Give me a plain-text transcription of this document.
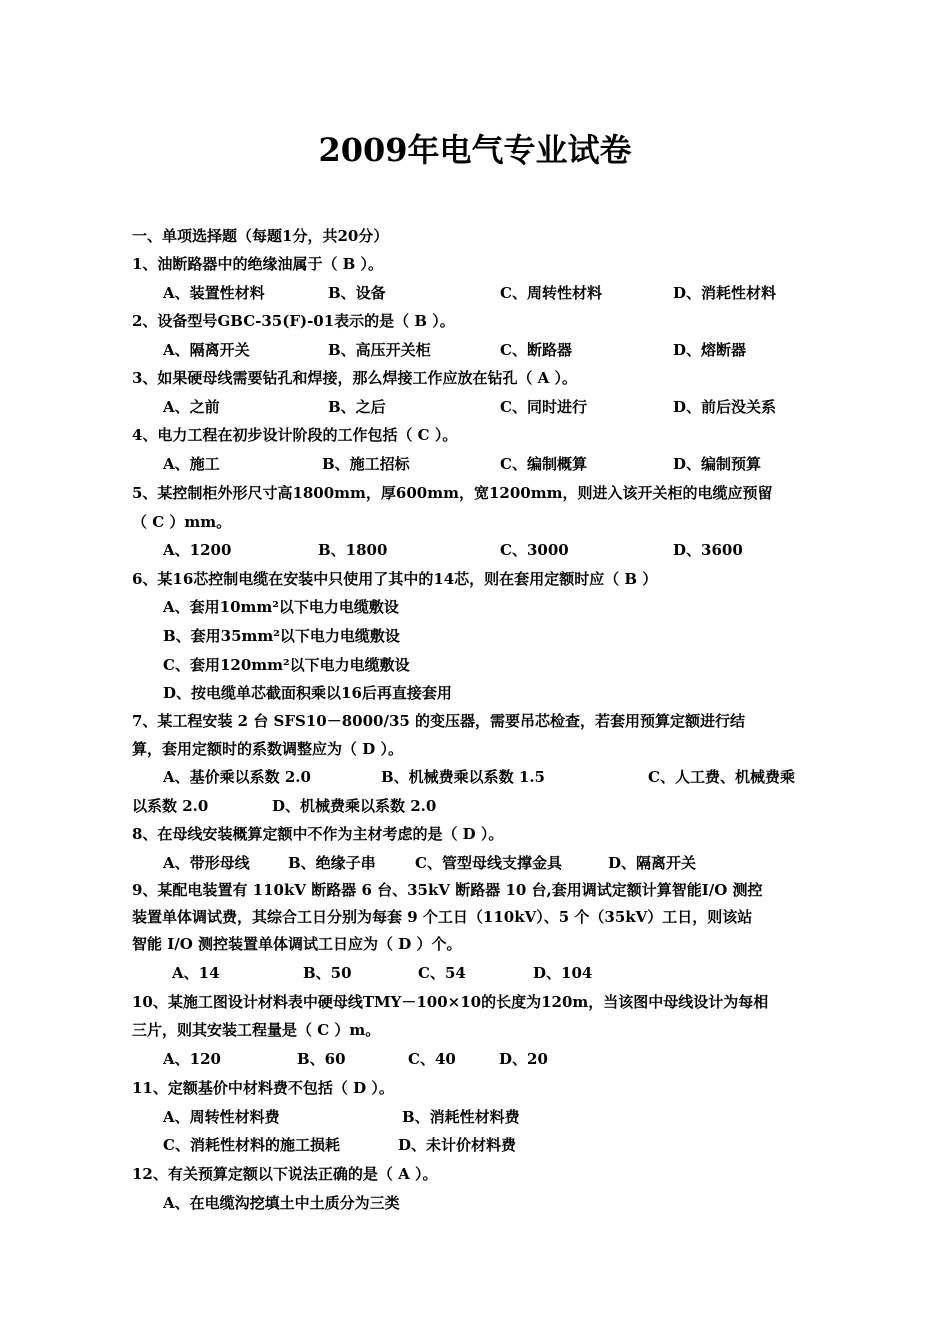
2009年电气专业试卷
一、单项选择题（每题1分，共20分）
1、油断路器中的绝缘油属于（ B ）。
A、装置性材料	B、设备	C、周转性材料	D、消耗性材料
2、设备型号GBC-35(F)-01表示的是（ B ）。
A、隔离开关	B、高压开关柜	C、断路器	D、熔断器
3、如果硬母线需要钻孔和焊接，那么焊接工作应放在钻孔（ A ）。
A、之前	B、之后	C、同时进行	D、前后没关系
4、电力工程在初步设计阶段的工作包括（ C ）。
A、施工	B、施工招标	C、编制概算	D、编制预算
5、某控制柜外形尺寸高1800mm，厚600mm，宽1200mm，则进入该开关柜的电缆应预留
（ C ）mm。
A、1200	B、1800	C、3000	D、3600
6、某16芯控制电缆在安装中只使用了其中的14芯，则在套用定额时应（ B ）
A、套用10mm²以下电力电缆敷设
B、套用35mm²以下电力电缆敷设
C、套用120mm²以下电力电缆敷设
D、按电缆单芯截面积乘以16后再直接套用
7、某工程安装 2 台 SFS10－8000/35 的变压器，需要吊芯检查，若套用预算定额进行结
算，套用定额时的系数调整应为（ D ）。
A、基价乘以系数 2.0	B、机械费乘以系数 1.5	C、人工费、机械费乘
以系数 2.0	D、机械费乘以系数 2.0
8、在母线安装概算定额中不作为主材考虑的是（ D ）。
A、带形母线	B、绝缘子串	C、管型母线支撑金具	D、隔离开关
9、某配电装置有 110kV 断路器 6 台、35kV 断路器 10 台,套用调试定额计算智能I/O 测控
装置单体调试费，其综合工日分别为每套 9 个工日（110kV）、5 个（35kV）工日，则该站
智能 I/O 测控装置单体调试工日应为（ D ）个。
A、14	B、50	C、54	D、104
10、某施工图设计材料表中硬母线TMY－100×10的长度为120m，当该图中母线设计为每相
三片，则其安装工程量是（ C ）m。
A、120	B、60	C、40	D、20
11、定额基价中材料费不包括（ D ）。
A、周转性材料费	B、消耗性材料费
C、消耗性材料的施工损耗	D、未计价材料费
12、有关预算定额以下说法正确的是（ A ）。
A、在电缆沟挖填土中土质分为三类
